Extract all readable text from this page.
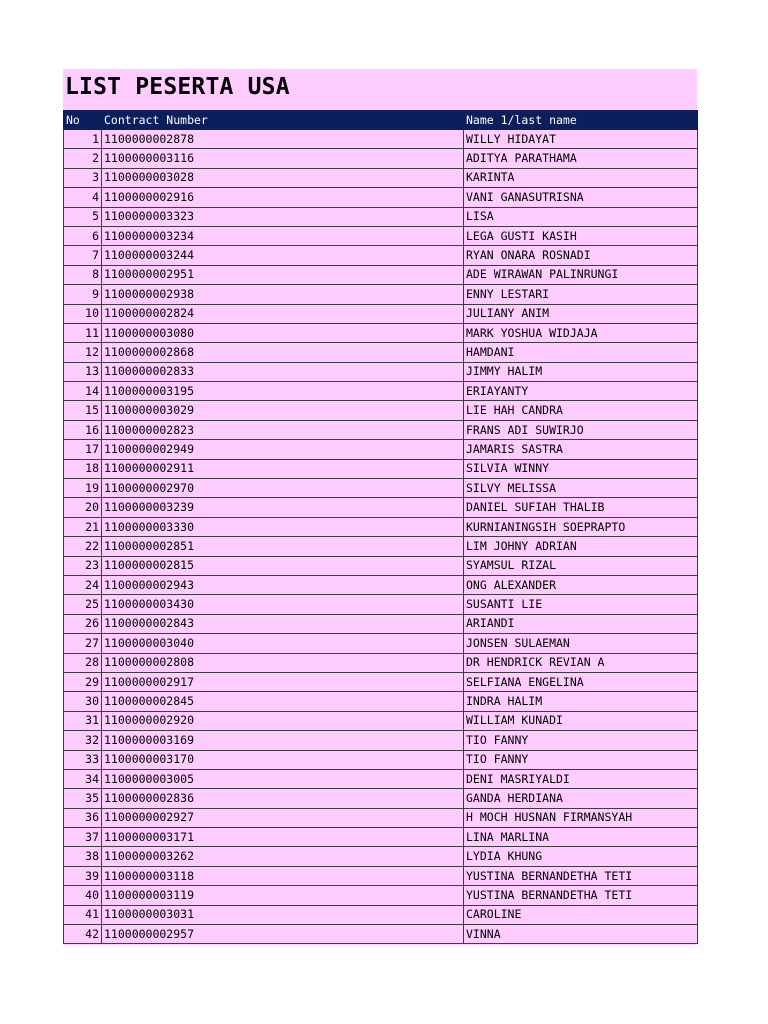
LIST PESERTA USA
No	Contract Number	Name 1/last name
1	1100000002878	WILLY HIDAYAT
2	1100000003116	ADITYA PARATHAMA
3	1100000003028	KARINTA
4	1100000002916	VANI GANASUTRISNA
5	1100000003323	LISA
6	1100000003234	LEGA GUSTI KASIH
7	1100000003244	RYAN ONARA ROSNADI
8	1100000002951	ADE WIRAWAN PALINRUNGI
9	1100000002938	ENNY LESTARI
10	1100000002824	JULIANY ANIM
11	1100000003080	MARK YOSHUA WIDJAJA
12	1100000002868	HAMDANI
13	1100000002833	JIMMY HALIM
14	1100000003195	ERIAYANTY
15	1100000003029	LIE HAH CANDRA
16	1100000002823	FRANS ADI SUWIRJO
17	1100000002949	JAMARIS SASTRA
18	1100000002911	SILVIA WINNY
19	1100000002970	SILVY MELISSA
20	1100000003239	DANIEL SUFIAH THALIB
21	1100000003330	KURNIANINGSIH SOEPRAPTO
22	1100000002851	LIM JOHNY ADRIAN
23	1100000002815	SYAMSUL RIZAL
24	1100000002943	ONG ALEXANDER
25	1100000003430	SUSANTI LIE
26	1100000002843	ARIANDI
27	1100000003040	JONSEN SULAEMAN
28	1100000002808	DR HENDRICK REVIAN A
29	1100000002917	SELFIANA ENGELINA
30	1100000002845	INDRA HALIM
31	1100000002920	WILLIAM KUNADI
32	1100000003169	TIO FANNY
33	1100000003170	TIO FANNY
34	1100000003005	DENI MASRIYALDI
35	1100000002836	GANDA HERDIANA
36	1100000002927	H MOCH HUSNAN FIRMANSYAH
37	1100000003171	LINA MARLINA
38	1100000003262	LYDIA KHUNG
39	1100000003118	YUSTINA BERNANDETHA TETI
40	1100000003119	YUSTINA BERNANDETHA TETI
41	1100000003031	CAROLINE
42	1100000002957	VINNA
